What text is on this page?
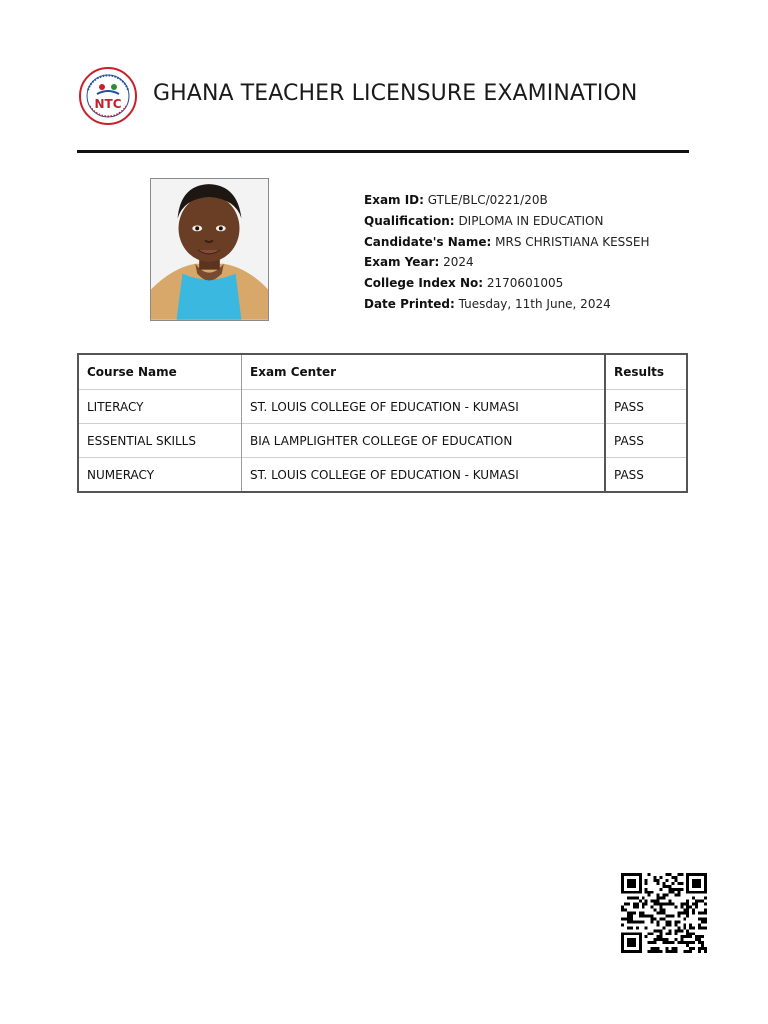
NTC GHANA TEACHER LICENSURE EXAMINATION
Exam ID: GTLE/BLC/0221/20B
Qualification: DIPLOMA IN EDUCATION
Candidate's Name: MRS CHRISTIANA KESSEH
Exam Year: 2024
College Index No: 2170601005
Date Printed: Tuesday, 11th June, 2024
Course Name	Exam Center	Results
LITERACY	ST. LOUIS COLLEGE OF EDUCATION - KUMASI	PASS
ESSENTIAL SKILLS	BIA LAMPLIGHTER COLLEGE OF EDUCATION	PASS
NUMERACY	ST. LOUIS COLLEGE OF EDUCATION - KUMASI	PASS
